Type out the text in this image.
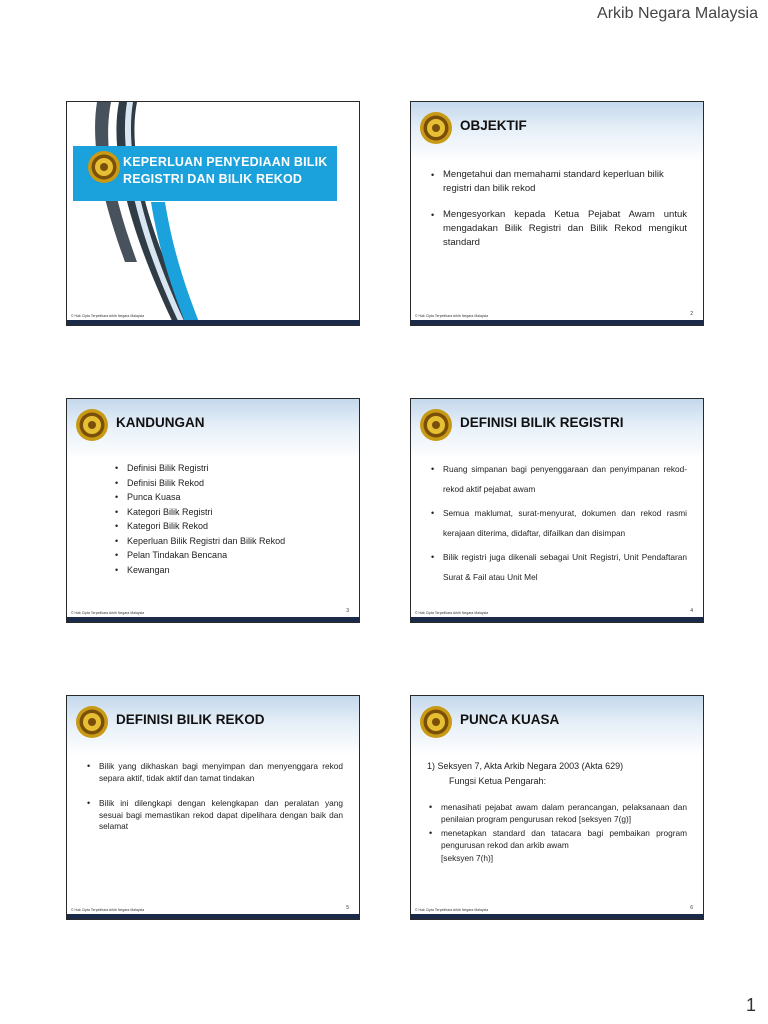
Arkib Negara Malaysia
KEPERLUAN PENYEDIAAN BILIK
REGISTRI DAN BILIK REKOD
© Hak Cipta Terpelihara Arkib Negara Malaysia
OBJEKTIF
• Mengetahui dan memahami standard keperluan bilik registri dan bilik rekod
• Mengesyorkan kepada Ketua Pejabat Awam untuk mengadakan Bilik Registri dan Bilik Rekod mengikut standard
2
© Hak Cipta Terpelihara Arkib Negara Malaysia
KANDUNGAN
• Definisi Bilik Registri
• Definisi Bilik Rekod
• Punca Kuasa
• Kategori Bilik Registri
• Kategori Bilik Rekod
• Keperluan Bilik Registri dan Bilik Rekod
• Pelan Tindakan Bencana
• Kewangan
3
© Hak Cipta Terpelihara Arkib Negara Malaysia
DEFINISI BILIK REGISTRI
• Ruang simpanan bagi penyenggaraan dan penyimpanan rekod-rekod aktif pejabat awam
• Semua maklumat, surat-menyurat, dokumen dan rekod rasmi kerajaan diterima, didaftar, difailkan dan disimpan
• Bilik registri juga dikenali sebagai Unit Registri, Unit Pendaftaran Surat & Fail atau Unit Mel
4
© Hak Cipta Terpelihara Arkib Negara Malaysia
DEFINISI BILIK REKOD
• Bilik yang dikhaskan bagi menyimpan dan menyenggara rekod separa aktif, tidak aktif dan tamat tindakan
• Bilik ini dilengkapi dengan kelengkapan dan peralatan yang sesuai bagi memastikan rekod dapat dipelihara dengan baik dan selamat
5
© Hak Cipta Terpelihara Arkib Negara Malaysia
PUNCA KUASA
1) Seksyen 7, Akta Arkib Negara 2003 (Akta 629)
Fungsi Ketua Pengarah:
• menasihati pejabat awam dalam perancangan, pelaksanaan dan penilaian program pengurusan rekod [seksyen 7(g)]
• menetapkan standard dan tatacara bagi pembaikan program pengurusan rekod dan arkib awam
[seksyen 7(h)]
6
© Hak Cipta Terpelihara Arkib Negara Malaysia
1
